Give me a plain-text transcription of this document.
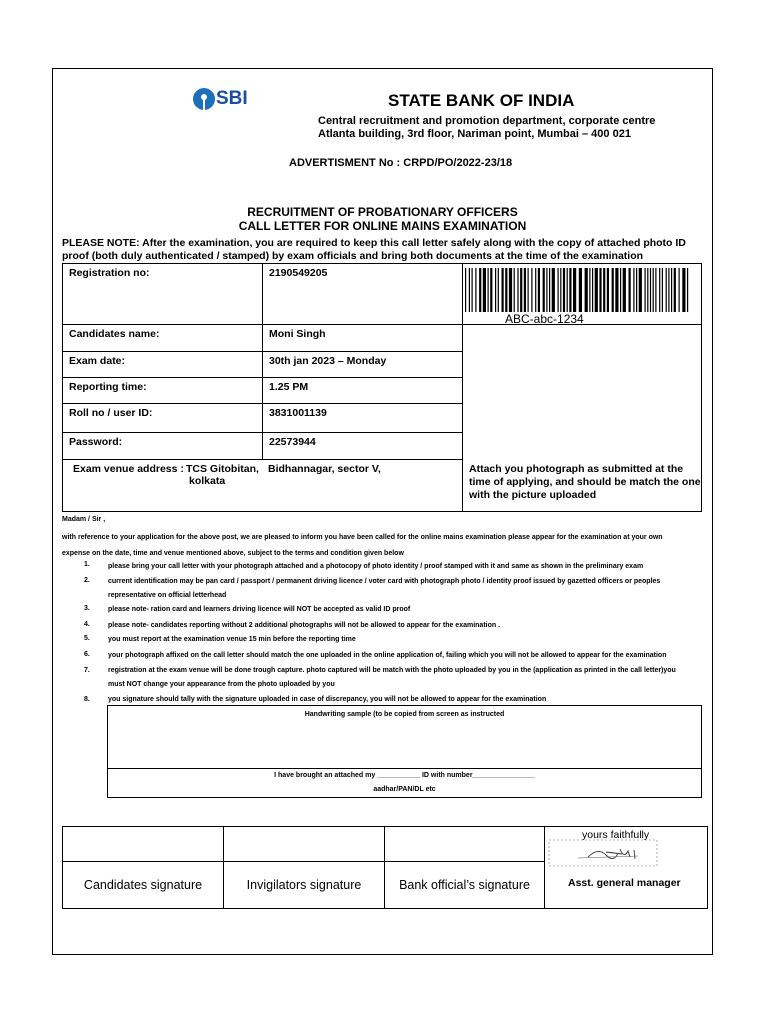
SBI	STATE BANK OF INDIA
Central recruitment and promotion department, corporate centre
Atlanta building, 3rd floor, Nariman point, Mumbai – 400 021
ADVERTISMENT No : CRPD/PO/2022-23/18
RECRUITMENT OF PROBATIONARY OFFICERS
CALL LETTER FOR ONLINE MAINS EXAMINATION
PLEASE NOTE: After the examination, you are required to keep this call letter safely along with the copy of attached photo ID proof (both duly authenticated / stamped) by exam officials and bring both documents at the time of the examination
Registration no:	2190549205	
Candidates name:	Moni Singh	
Exam date:	30th jan 2023 – Monday	
Reporting time:	1.25 PM	
Roll no / user ID:	3831001139	
Password:	22573944	

Exam venue address : TCS Gitobitan, Bidhannagar, sector V,
kolkata		
ABC-abc-1234
Attach you photograph as submitted at the time of applying, and should be match the one with the picture uploaded
Madam / Sir ,
with reference to your application for the above post, we are pleased to inform you have been called for the online mains examination please appear for the examination at your own
expense on the date, time and venue mentioned above, subject to the terms and condition given below
1.	please bring your call letter with your photograph attached and a photocopy of photo identity / proof stamped with it and same as shown in the preliminary exam
2.	current identification may be pan card / passport / permanent driving licence / voter card with photograph photo / identity proof issued by gazetted officers or peoples representative on official letterhead
3.	please note- ration card and learners driving licence will NOT be accepted as valid ID proof
4.	please note- candidates reporting without 2 additional photographs will not be allowed to appear for the examination .
5.	you must report at the examination venue 15 min before the reporting time
6.	your photograph affixed on the call letter should match the one uploaded in the online application of, failing which you will not be allowed to appear for the examination
7.	registration at the exam venue will be done trough capture. photo captured will be match with the photo uploaded by you in the (application as printed in the call letter)you must NOT change your appearance from the photo uploaded by you
8.	you signature should tally with the signature uploaded in case of discrepancy, you will not be allowed to appear for the examination
Handwriting sample (to be copied from screen as instructed
I have brought an attached my ___________ ID with number________________
aadhar/PAN/DL etc

Candidates signature	Invigilators signature	Bank official’s signature	
yours faithfully
Asst. general manager
